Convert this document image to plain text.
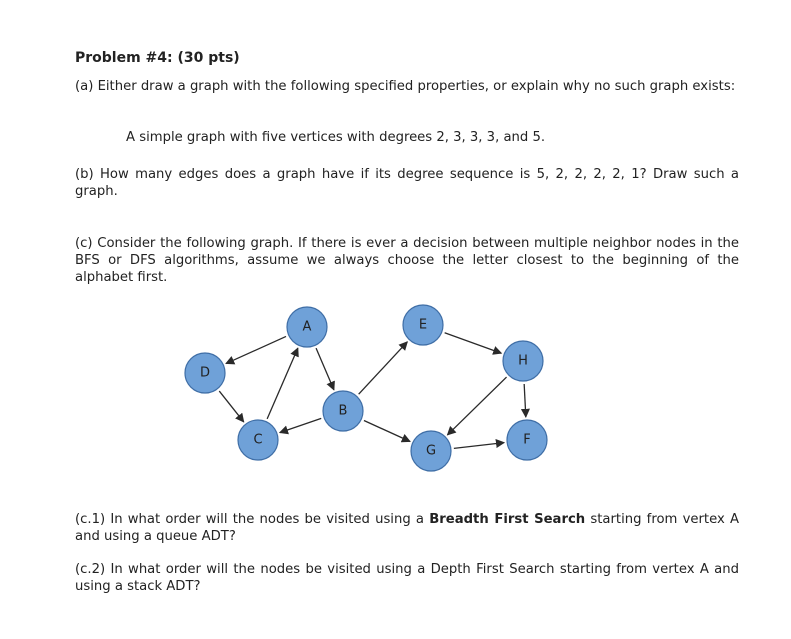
Problem #4: (30 pts)
(a) Either draw a graph with the following specified properties, or explain why no such graph exists:
A simple graph with five vertices with degrees 2, 3, 3, 3, and 5.
(b) How many edges does a graph have if its degree sequence is 5, 2, 2, 2, 2, 1? Draw such a graph.
(c) Consider the following graph. If there is ever a decision between multiple neighbor nodes in the BFS or DFS algorithms, assume we always choose the letter closest to the beginning of the alphabet first.
A
B
C
D
E
F
G
H
(c.1) In what order will the nodes be visited using a Breadth First Search starting from vertex A and using a queue ADT?
(c.2) In what order will the nodes be visited using a Depth First Search starting from vertex A and using a stack ADT?
